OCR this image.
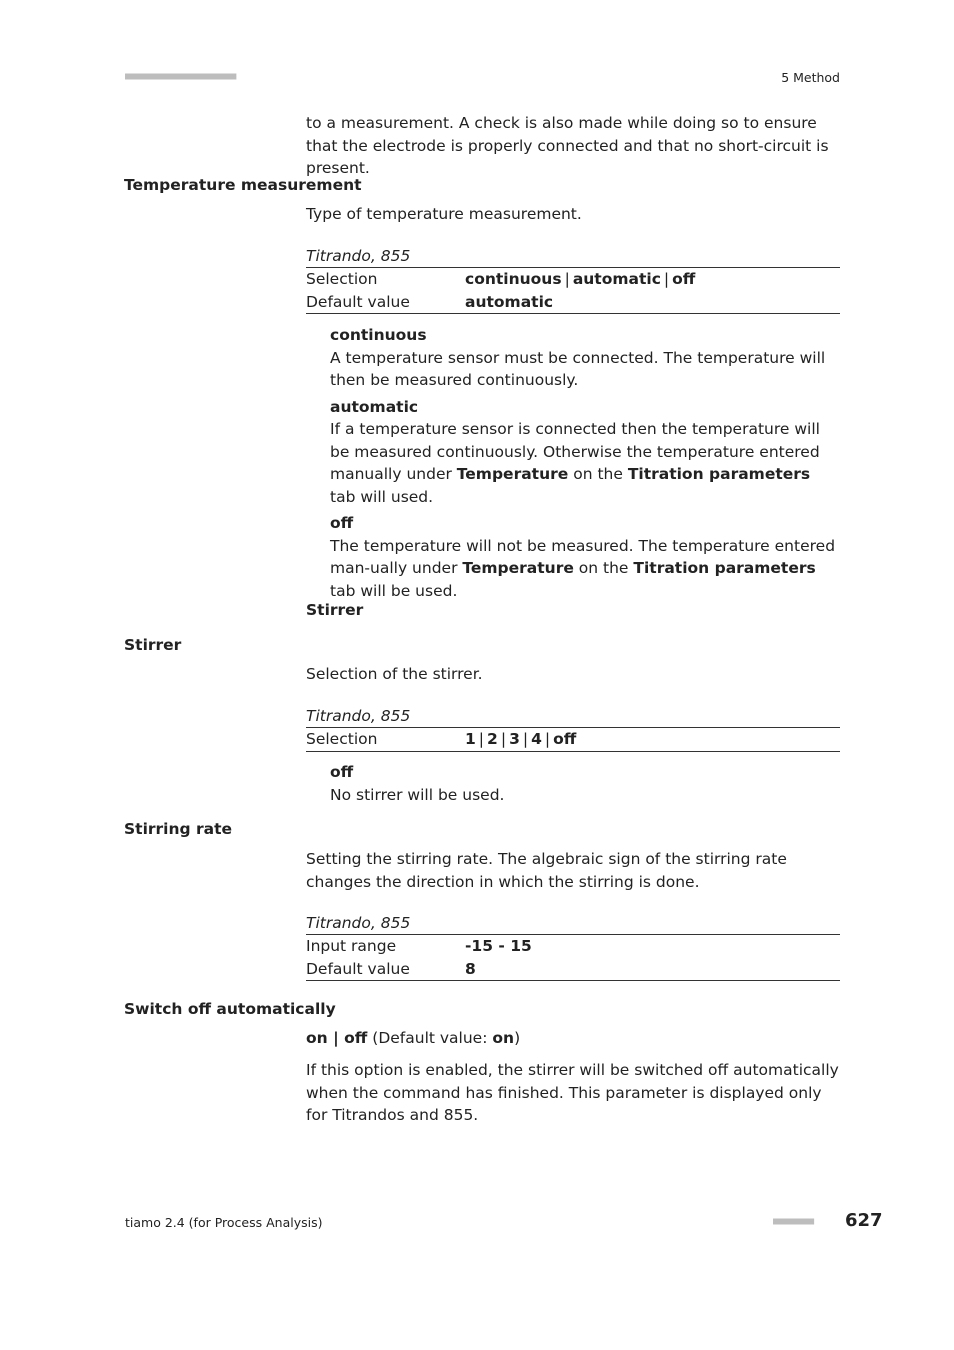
■■■■■■■■■■■■■■■■■■■■■■	5 Method
to a measurement. A check is also made while doing so to ensure that the electrode is properly connected and that no short-circuit is present.
Temperature measurement
Type of temperature measurement.
Titrando, 855
Selection	continuous | automatic | off
Default value	automatic
continuous
A temperature sensor must be connected. The temperature will then be measured continuously.
automatic
If a temperature sensor is connected then the temperature will be measured continuously. Otherwise the temperature entered manually under Temperature on the Titration parameters tab will used.
off
The temperature will not be measured. The temperature entered man-ually under Temperature on the Titration parameters tab will be used.
Stirrer
Stirrer
Selection of the stirrer.
Titrando, 855
Selection	1 | 2 | 3 | 4 | off
off
No stirrer will be used.
Stirring rate
Setting the stirring rate. The algebraic sign of the stirring rate changes the direction in which the stirring is done.
Titrando, 855
Input range	-15 - 15
Default value	8
Switch off automatically
on | off (Default value: on)
If this option is enabled, the stirrer will be switched off automatically when the command has finished. This parameter is displayed only for Titrandos and 855.
tiamo 2.4 (for Process Analysis)	■■■■■■■■ 627
